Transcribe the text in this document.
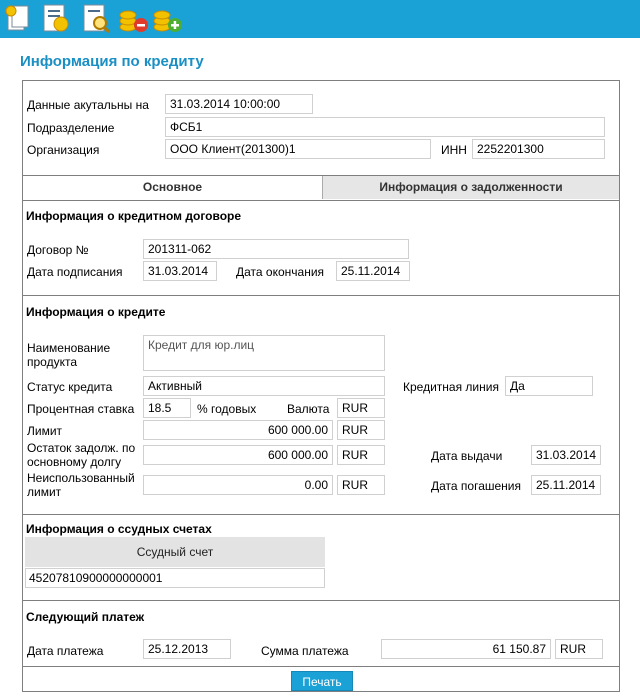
Информация по кредиту
Данные акутальны на	31.03.2014 10:00:00
Подразделение	ФСБ1
Организация	ООО Клиент(201300)1	ИНН 2252201300
Основное	Информация о задолженности
Информация о кредитном договоре
Договор №	201311-062
Дата подписания	31.03.2014	Дата окончания	25.11.2014
Информация о кредите
Наименование продукта
Кредит для юр.лиц
Статус кредита	Активный	Кредитная линия Да
Процентная ставка	18.5	% годовых	Валюта	RUR
Лимит	600 000.00	RUR
Остаток задолж. по основному долгу	600 000.00	RUR	Дата выдачи	31.03.2014
Неиспользованный лимит	0.00	RUR	Дата погашения	25.11.2014
Информация о ссудных счетах
Ссудный счет
45207810900000000001
Следующий платеж
Дата платежа	25.12.2013	Сумма платежа	61 150.87	RUR
Печать
